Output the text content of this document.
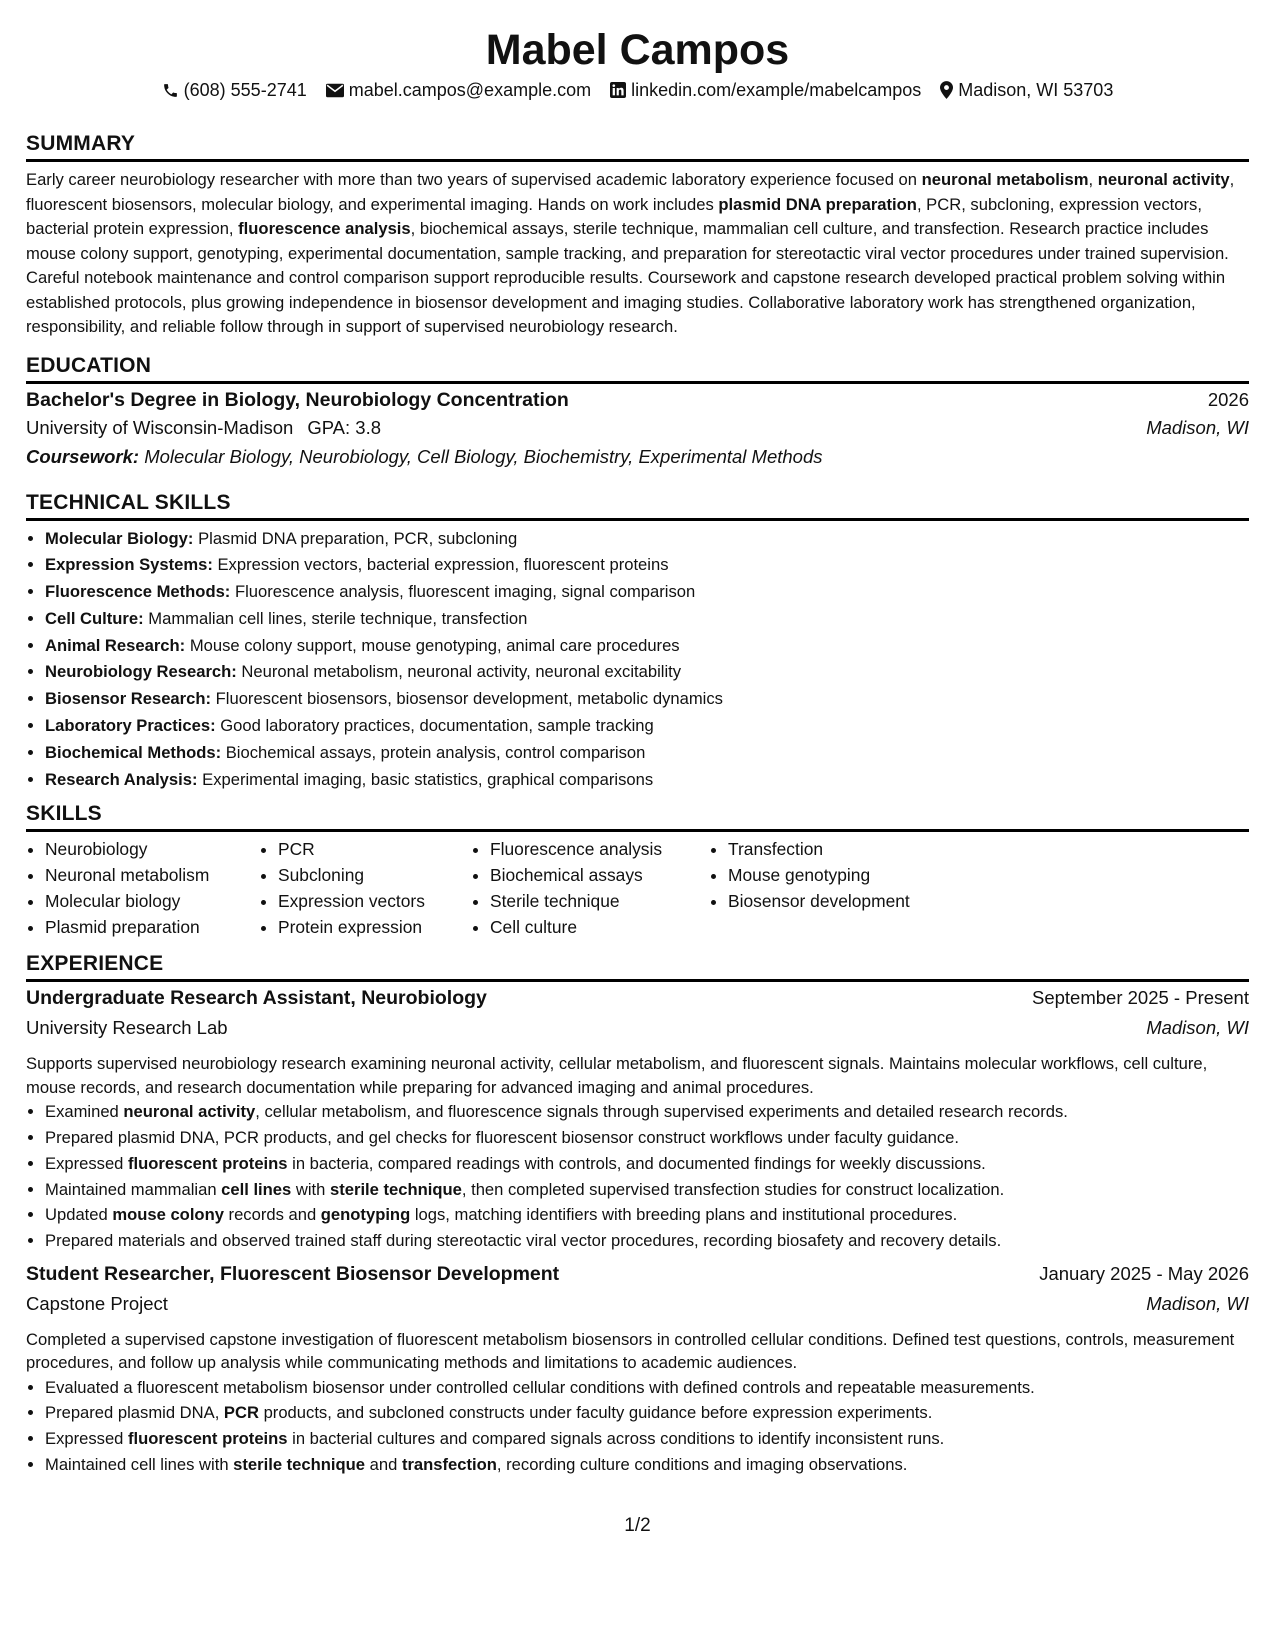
Mabel Campos
(608) 555-2741 mabel.campos@example.com linkedin.com/example/mabelcampos Madison, WI 53703
SUMMARY
Early career neurobiology researcher with more than two years of supervised academic laboratory experience focused on neuronal metabolism, neuronal activity, fluorescent biosensors, molecular biology, and experimental imaging. Hands on work includes plasmid DNA preparation, PCR, subcloning, expression vectors, bacterial protein expression, fluorescence analysis, biochemical assays, sterile technique, mammalian cell culture, and transfection. Research practice includes mouse colony support, genotyping, experimental documentation, sample tracking, and preparation for stereotactic viral vector procedures under trained supervision. Careful notebook maintenance and control comparison support reproducible results. Coursework and capstone research developed practical problem solving within established protocols, plus growing independence in biosensor development and imaging studies. Collaborative laboratory work has strengthened organization, responsibility, and reliable follow through in support of supervised neurobiology research.
EDUCATION
Bachelor's Degree in Biology, Neurobiology Concentration	2026
University of Wisconsin-Madison GPA: 3.8	Madison, WI
Coursework: Molecular Biology, Neurobiology, Cell Biology, Biochemistry, Experimental Methods
TECHNICAL SKILLS
• Molecular Biology: Plasmid DNA preparation, PCR, subcloning
• Expression Systems: Expression vectors, bacterial expression, fluorescent proteins
• Fluorescence Methods: Fluorescence analysis, fluorescent imaging, signal comparison
• Cell Culture: Mammalian cell lines, sterile technique, transfection
• Animal Research: Mouse colony support, mouse genotyping, animal care procedures
• Neurobiology Research: Neuronal metabolism, neuronal activity, neuronal excitability
• Biosensor Research: Fluorescent biosensors, biosensor development, metabolic dynamics
• Laboratory Practices: Good laboratory practices, documentation, sample tracking
• Biochemical Methods: Biochemical assays, protein analysis, control comparison
• Research Analysis: Experimental imaging, basic statistics, graphical comparisons
SKILLS
• Neurobiology
• Neuronal metabolism
• Molecular biology
• Plasmid preparation
• PCR
• Subcloning
• Expression vectors
• Protein expression
• Fluorescence analysis
• Biochemical assays
• Sterile technique
• Cell culture
• Transfection
• Mouse genotyping
• Biosensor development
EXPERIENCE
Undergraduate Research Assistant, Neurobiology	September 2025 - Present
University Research Lab	Madison, WI
Supports supervised neurobiology research examining neuronal activity, cellular metabolism, and fluorescent signals. Maintains molecular workflows, cell culture, mouse records, and research documentation while preparing for advanced imaging and animal procedures.
• Examined neuronal activity, cellular metabolism, and fluorescence signals through supervised experiments and detailed research records.
• Prepared plasmid DNA, PCR products, and gel checks for fluorescent biosensor construct workflows under faculty guidance.
• Expressed fluorescent proteins in bacteria, compared readings with controls, and documented findings for weekly discussions.
• Maintained mammalian cell lines with sterile technique, then completed supervised transfection studies for construct localization.
• Updated mouse colony records and genotyping logs, matching identifiers with breeding plans and institutional procedures.
• Prepared materials and observed trained staff during stereotactic viral vector procedures, recording biosafety and recovery details.
Student Researcher, Fluorescent Biosensor Development	January 2025 - May 2026
Capstone Project	Madison, WI
Completed a supervised capstone investigation of fluorescent metabolism biosensors in controlled cellular conditions. Defined test questions, controls, measurement procedures, and follow up analysis while communicating methods and limitations to academic audiences.
• Evaluated a fluorescent metabolism biosensor under controlled cellular conditions with defined controls and repeatable measurements.
• Prepared plasmid DNA, PCR products, and subcloned constructs under faculty guidance before expression experiments.
• Expressed fluorescent proteins in bacterial cultures and compared signals across conditions to identify inconsistent runs.
• Maintained cell lines with sterile technique and transfection, recording culture conditions and imaging observations.
1/2
